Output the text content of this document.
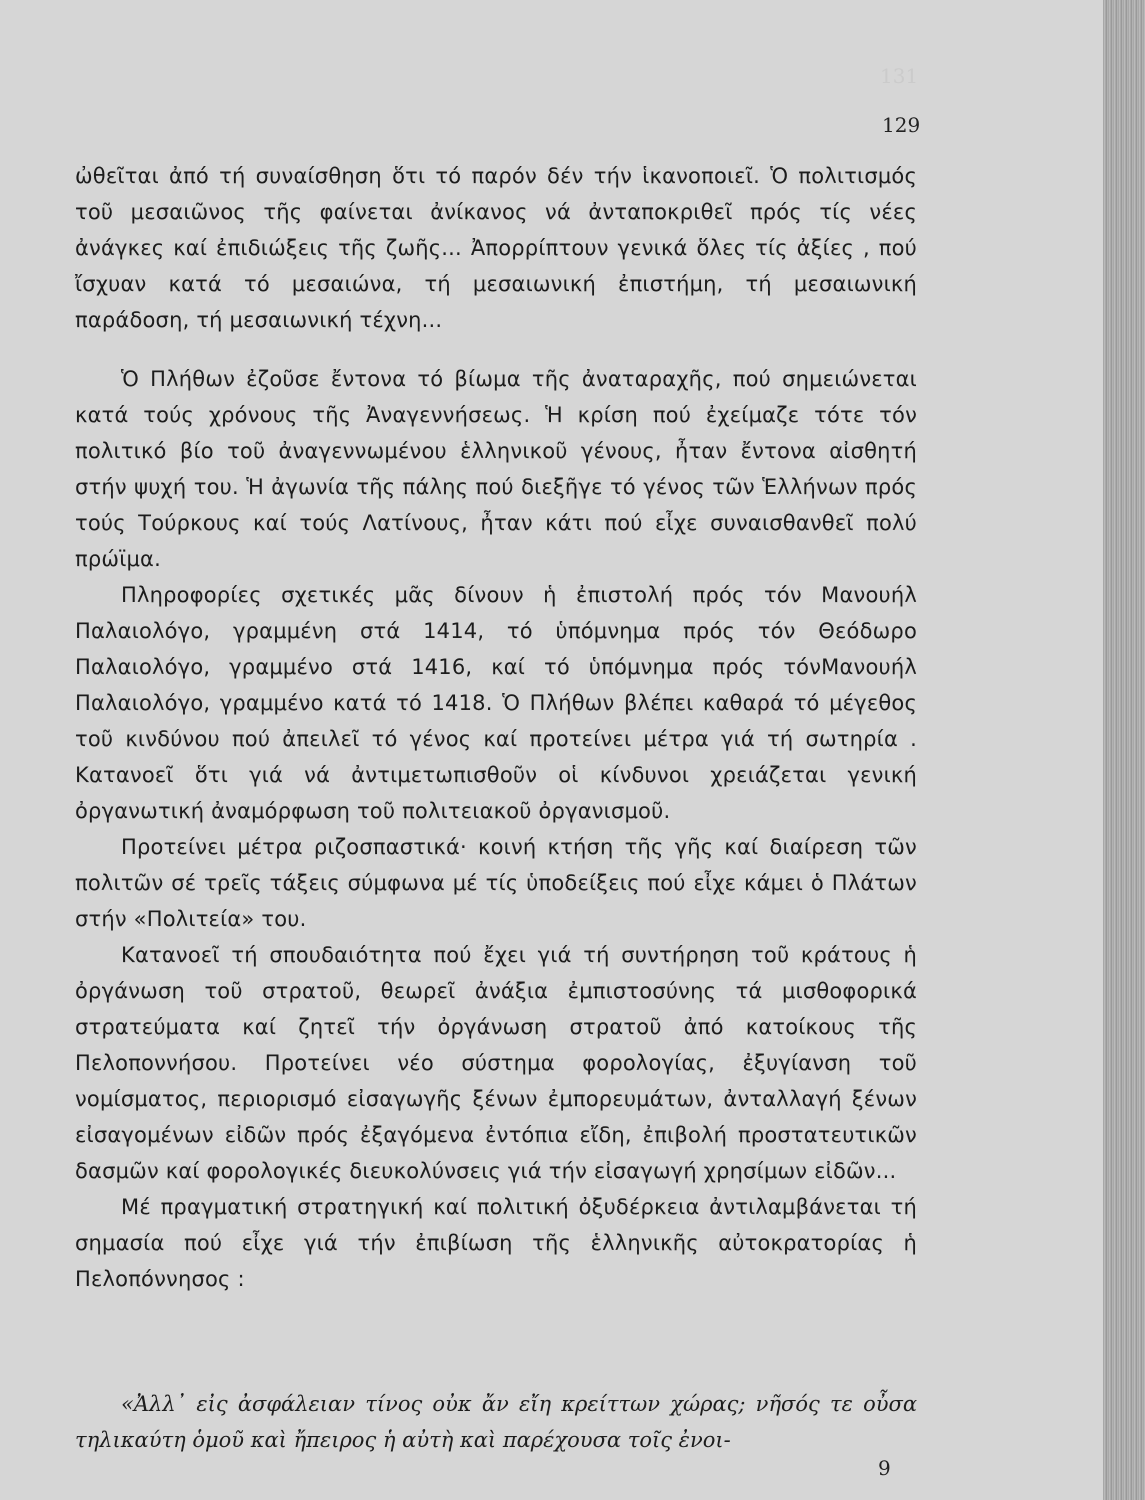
131
129

ὠθεῖται ἀπό τή συναίσθηση ὅτι τό παρόν δέν τήν ἱκανοποιεῖ. Ὁ πολιτισμός τοῦ μεσαιῶνος τῆς φαίνεται ἀνίκανος νά ἀνταποκριθεῖ πρός τίς νέες ἀνάγκες καί ἐπιδιώξεις τῆς ζωῆς... Ἀπορρίπτουν γενικά ὅλες τίς ἀξίες , πού ἴσχυαν κατά τό μεσαιώνα, τή μεσαιωνική ἐπιστήμη, τή μεσαιωνική παράδοση, τή μεσαιωνική τέχνη...

Ὁ Πλήθων ἐζοῦσε ἔντονα τό βίωμα τῆς ἀναταραχῆς, πού σημειώνεται κατά τούς χρόνους τῆς Ἀναγεννήσεως. Ἡ κρίση πού ἐχείμαζε τότε τόν πολιτικό βίο τοῦ ἀναγεννωμένου ἑλληνικοῦ γένους, ἦταν ἔντονα αἰσθητή στήν ψυχή του. Ἡ ἀγωνία τῆς πάλης πού διεξῆγε τό γένος τῶν Ἑλλήνων πρός τούς Τούρκους καί τούς Λατίνους, ἦταν κάτι πού εἶχε συναισθανθεῖ πολύ πρώϊμα.

Πληροφορίες σχετικές μᾶς δίνουν ἡ ἐπιστολή πρός τόν Μανουήλ Παλαιολόγο, γραμμένη στά 1414, τό ὑπόμνημα πρός τόν Θεόδωρο Παλαιολόγο, γραμμένο στά 1416, καί τό ὑπόμνημα πρός τόνΜανουήλ Παλαιολόγο, γραμμένο κατά τό 1418. Ὁ Πλήθων βλέπει καθαρά τό μέγεθος τοῦ κινδύνου πού ἀπειλεῖ τό γένος καί προτείνει μέτρα γιά τή σωτηρία . Κατανοεῖ ὅτι γιά νά ἀντιμετωπισθοῦν οἱ κίνδυνοι χρειάζεται γενική ὀργανωτική ἀναμόρφωση τοῦ πολιτειακοῦ ὀργανισμοῦ.

Προτείνει μέτρα ριζοσπαστικά· κοινή κτήση τῆς γῆς καί διαίρεση τῶν πολιτῶν σέ τρεῖς τάξεις σύμφωνα μέ τίς ὑποδείξεις πού εἶχε κάμει ὁ Πλάτων στήν «Πολιτεία» του.

Κατανοεῖ τή σπουδαιότητα πού ἔχει γιά τή συντήρηση τοῦ κράτους ἡ ὀργάνωση τοῦ στρατοῦ, θεωρεῖ ἀνάξια ἐμπιστοσύνης τά μισθοφορικά στρατεύματα καί ζητεῖ τήν ὀργάνωση στρατοῦ ἀπό κατοίκους τῆς Πελοποννήσου. Προτείνει νέο σύστημα φορολογίας, ἐξυγίανση τοῦ νομίσματος, περιορισμό εἰσαγωγῆς ξένων ἐμπορευμάτων, ἀνταλλαγή ξένων εἰσαγομένων εἰδῶν πρός ἐξαγόμενα ἐντόπια εἴδη, ἐπιβολή προστατευτικῶν δασμῶν καί φορολογικές διευκολύνσεις γιά τήν εἰσαγωγή χρησίμων εἰδῶν...

Μέ πραγματική στρατηγική καί πολιτική ὀξυδέρκεια ἀντιλαμβάνεται τή σημασία πού εἶχε γιά τήν ἐπιβίωση τῆς ἑλληνικῆς αὐτοκρατορίας ἡ Πελοπόννησος :

«Ἀλλ᾽ εἰς ἀσφάλειαν τίνος οὐκ ἄν εἴη κρείττων χώρας; νῆσός τε οὖσα τηλικαύτη ὁμοῦ καὶ ἤπειρος ἡ αὐτὴ καὶ παρέχουσα τοῖς ἐνοι-

9
